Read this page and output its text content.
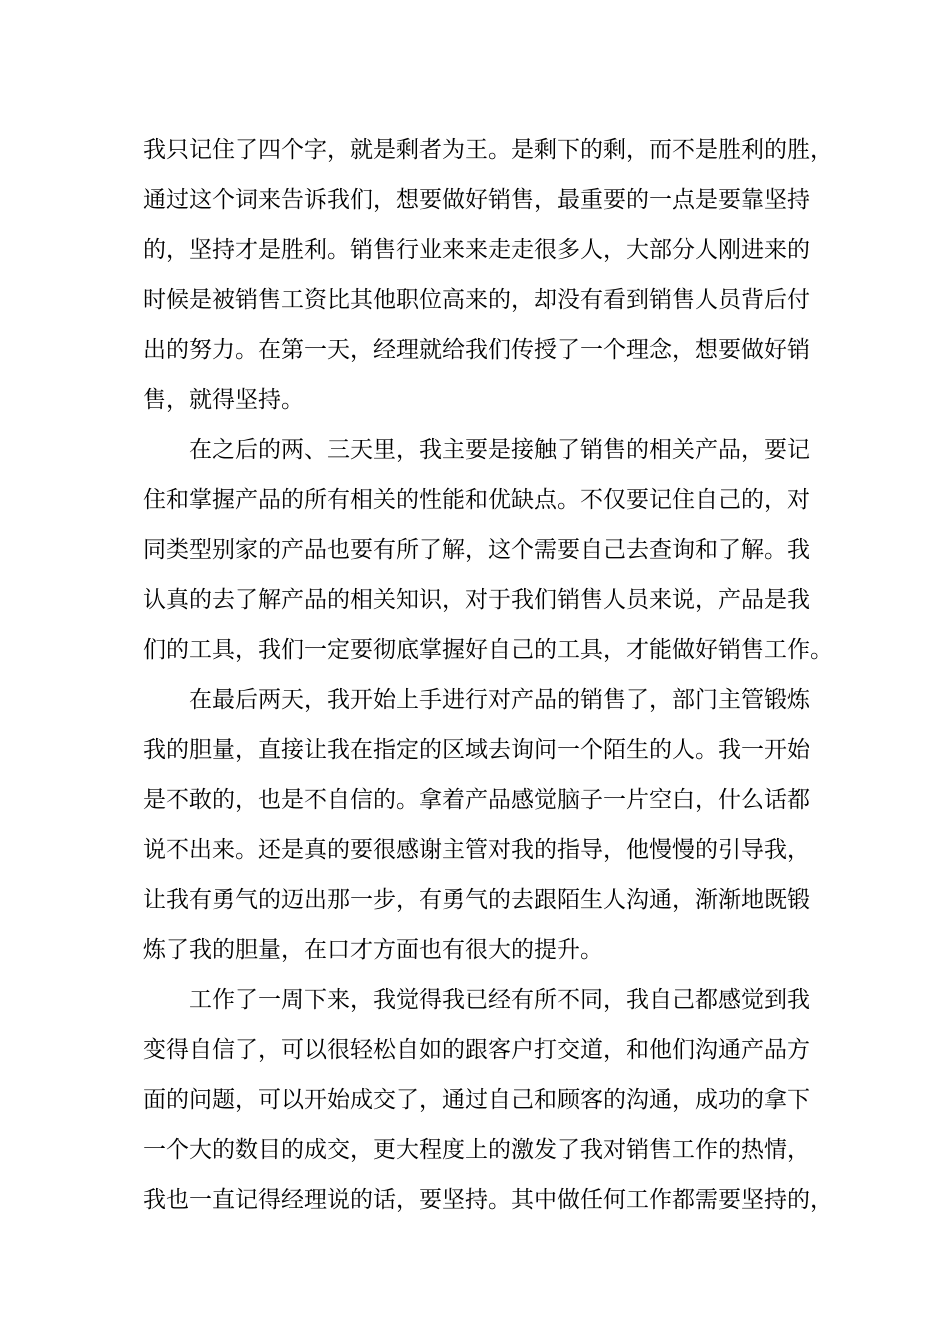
我只记住了四个字，就是剩者为王。是剩下的剩，而不是胜利的胜，
通过这个词来告诉我们，想要做好销售，最重要的一点是要靠坚持
的，坚持才是胜利。销售行业来来走走很多人，大部分人刚进来的
时候是被销售工资比其他职位高来的，却没有看到销售人员背后付
出的努力。在第一天，经理就给我们传授了一个理念，想要做好销
售，就得坚持。
在之后的两、三天里，我主要是接触了销售的相关产品，要记
住和掌握产品的所有相关的性能和优缺点。不仅要记住自己的，对
同类型别家的产品也要有所了解，这个需要自己去查询和了解。我
认真的去了解产品的相关知识，对于我们销售人员来说，产品是我
们的工具，我们一定要彻底掌握好自己的工具，才能做好销售工作。
在最后两天，我开始上手进行对产品的销售了，部门主管锻炼
我的胆量，直接让我在指定的区域去询问一个陌生的人。我一开始
是不敢的，也是不自信的。拿着产品感觉脑子一片空白，什么话都
说不出来。还是真的要很感谢主管对我的指导，他慢慢的引导我，
让我有勇气的迈出那一步，有勇气的去跟陌生人沟通，渐渐地既锻
炼了我的胆量，在口才方面也有很大的提升。
工作了一周下来，我觉得我已经有所不同，我自己都感觉到我
变得自信了，可以很轻松自如的跟客户打交道，和他们沟通产品方
面的问题，可以开始成交了，通过自己和顾客的沟通，成功的拿下
一个大的数目的成交，更大程度上的激发了我对销售工作的热情，
我也一直记得经理说的话，要坚持。其中做任何工作都需要坚持的，
